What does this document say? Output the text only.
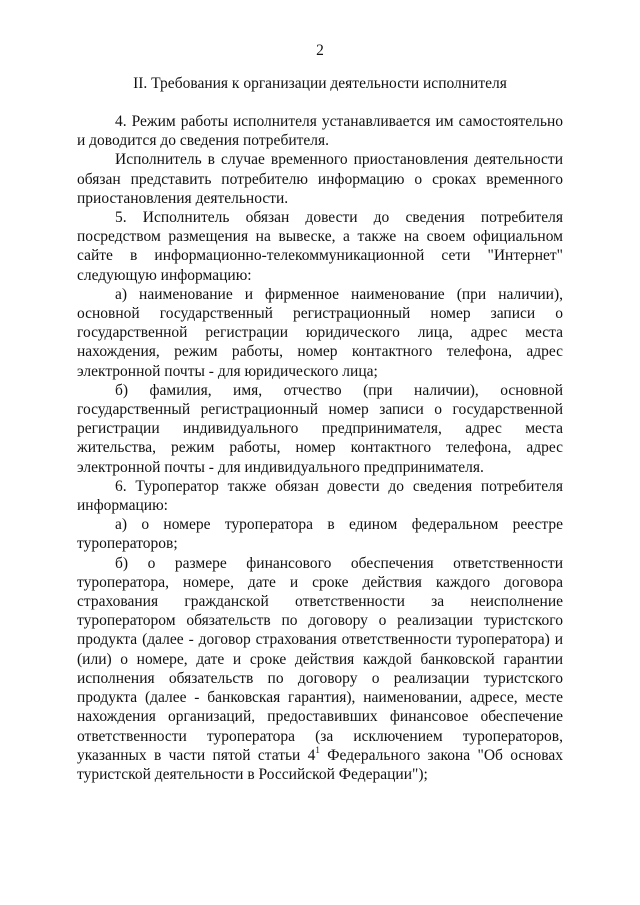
2
II. Требования к организации деятельности исполнителя

4. Режим работы исполнителя устанавливается им самостоятельно и доводится до сведения потребителя.

Исполнитель в случае временного приостановления деятельности обязан представить потребителю информацию о сроках временного приостановления деятельности.

5. Исполнитель обязан довести до сведения потребителя посредством размещения на вывеске, а также на своем официальном сайте в информационно-телекоммуникационной сети "Интернет" следующую информацию:

а) наименование и фирменное наименование (при наличии), основной государственный регистрационный номер записи о государственной регистрации юридического лица, адрес места нахождения, режим работы, номер контактного телефона, адрес электронной почты - для юридического лица;

б) фамилия, имя, отчество (при наличии), основной государственный регистрационный номер записи о государственной регистрации индивидуального предпринимателя, адрес места жительства, режим работы, номер контактного телефона, адрес электронной почты - для индивидуального предпринимателя.

6. Туроператор также обязан довести до сведения потребителя информацию:

а) о номере туроператора в едином федеральном реестре туроператоров;

б) о размере финансового обеспечения ответственности туроператора, номере, дате и сроке действия каждого договора страхования гражданской ответственности за неисполнение туроператором обязательств по договору о реализации туристского продукта (далее - договор страхования ответственности туроператора) и (или) о номере, дате и сроке действия каждой банковской гарантии исполнения обязательств по договору о реализации туристского продукта (далее - банковская гарантия), наименовании, адресе, месте нахождения организаций, предоставивших финансовое обеспечение ответственности туроператора (за исключением туроператоров, указанных в части пятой статьи $4^1$ Федерального закона "Об основах туристской деятельности в Российской Федерации");
